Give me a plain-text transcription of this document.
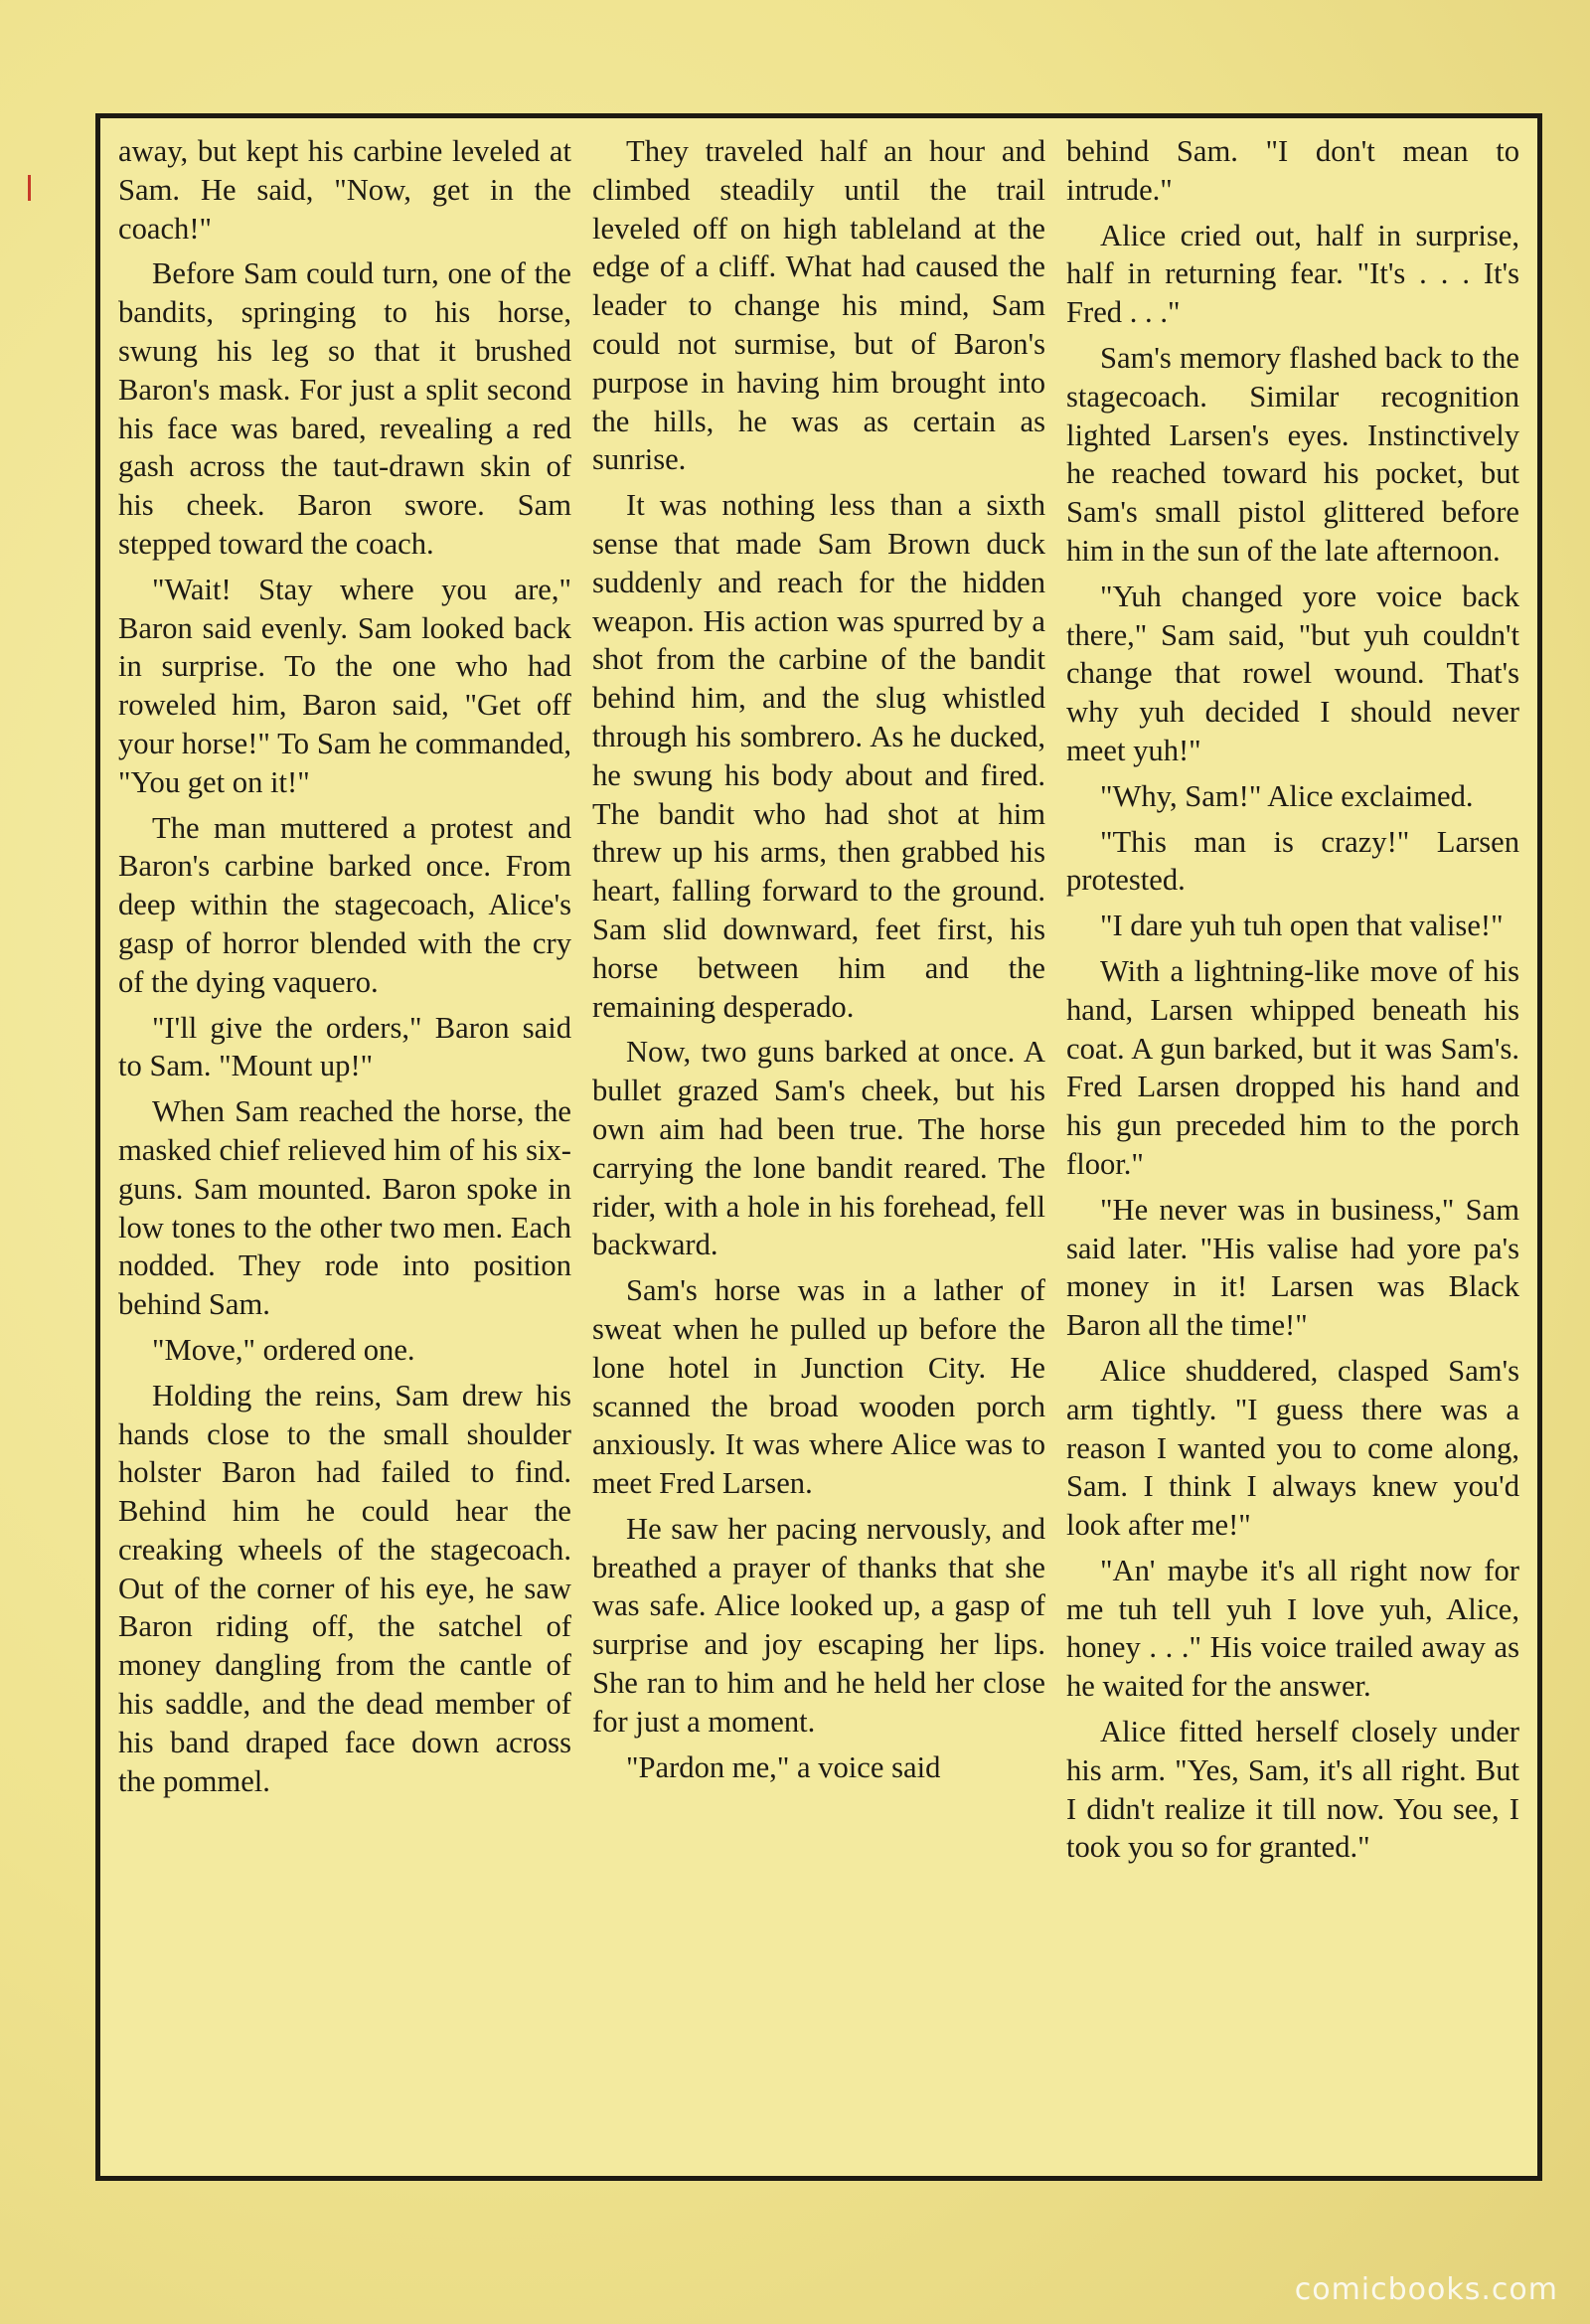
away, but kept his carbine leveled at Sam. He said, "Now, get in the coach!"

Before Sam could turn, one of the bandits, springing to his horse, swung his leg so that it brushed Baron's mask. For just a split second his face was bared, revealing a red gash across the taut-drawn skin of his cheek. Baron swore. Sam stepped toward the coach.

"Wait! Stay where you are," Baron said evenly. Sam looked back in surprise. To the one who had roweled him, Baron said, "Get off your horse!" To Sam he commanded, "You get on it!"

The man muttered a protest and Baron's carbine barked once. From deep within the stagecoach, Alice's gasp of horror blended with the cry of the dying vaquero.

"I'll give the orders," Baron said to Sam. "Mount up!"

When Sam reached the horse, the masked chief relieved him of his six-guns. Sam mounted. Baron spoke in low tones to the other two men. Each nodded. They rode into position behind Sam.

"Move," ordered one.

Holding the reins, Sam drew his hands close to the small shoulder holster Baron had failed to find. Behind him he could hear the creaking wheels of the stagecoach. Out of the corner of his eye, he saw Baron riding off, the satchel of money dangling from the cantle of his saddle, and the dead member of his band draped face down across the pommel.

They traveled half an hour and climbed steadily until the trail leveled off on high tableland at the edge of a cliff. What had caused the leader to change his mind, Sam could not surmise, but of Baron's purpose in having him brought into the hills, he was as certain as sunrise.

It was nothing less than a sixth sense that made Sam Brown duck suddenly and reach for the hidden weapon. His action was spurred by a shot from the carbine of the bandit behind him, and the slug whistled through his sombrero. As he ducked, he swung his body about and fired. The bandit who had shot at him threw up his arms, then grabbed his heart, falling forward to the ground. Sam slid downward, feet first, his horse between him and the remaining desperado.

Now, two guns barked at once. A bullet grazed Sam's cheek, but his own aim had been true. The horse carrying the lone bandit reared. The rider, with a hole in his forehead, fell backward.

Sam's horse was in a lather of sweat when he pulled up before the lone hotel in Junction City. He scanned the broad wooden porch anxiously. It was where Alice was to meet Fred Larsen.

He saw her pacing nervously, and breathed a prayer of thanks that she was safe. Alice looked up, a gasp of surprise and joy escaping her lips. She ran to him and he held her close for just a moment.

"Pardon me," a voice said

behind Sam. "I don't mean to intrude."

Alice cried out, half in surprise, half in returning fear. "It's . . . It's Fred . . ."

Sam's memory flashed back to the stagecoach. Similar recognition lighted Larsen's eyes. Instinctively he reached toward his pocket, but Sam's small pistol glittered before him in the sun of the late afternoon.

"Yuh changed yore voice back there," Sam said, "but yuh couldn't change that rowel wound. That's why yuh decided I should never meet yuh!"

"Why, Sam!" Alice exclaimed.

"This man is crazy!" Larsen protested.

"I dare yuh tuh open that valise!"

With a lightning-like move of his hand, Larsen whipped beneath his coat. A gun barked, but it was Sam's. Fred Larsen dropped his hand and his gun preceded him to the porch floor."

"He never was in business," Sam said later. "His valise had yore pa's money in it! Larsen was Black Baron all the time!"

Alice shuddered, clasped Sam's arm tightly. "I guess there was a reason I wanted you to come along, Sam. I think I always knew you'd look after me!"

"An' maybe it's all right now for me tuh tell yuh I love yuh, Alice, honey . . ." His voice trailed away as he waited for the answer.

Alice fitted herself closely under his arm. "Yes, Sam, it's all right. But I didn't realize it till now. You see, I took you so for granted."

comicbooks.com
